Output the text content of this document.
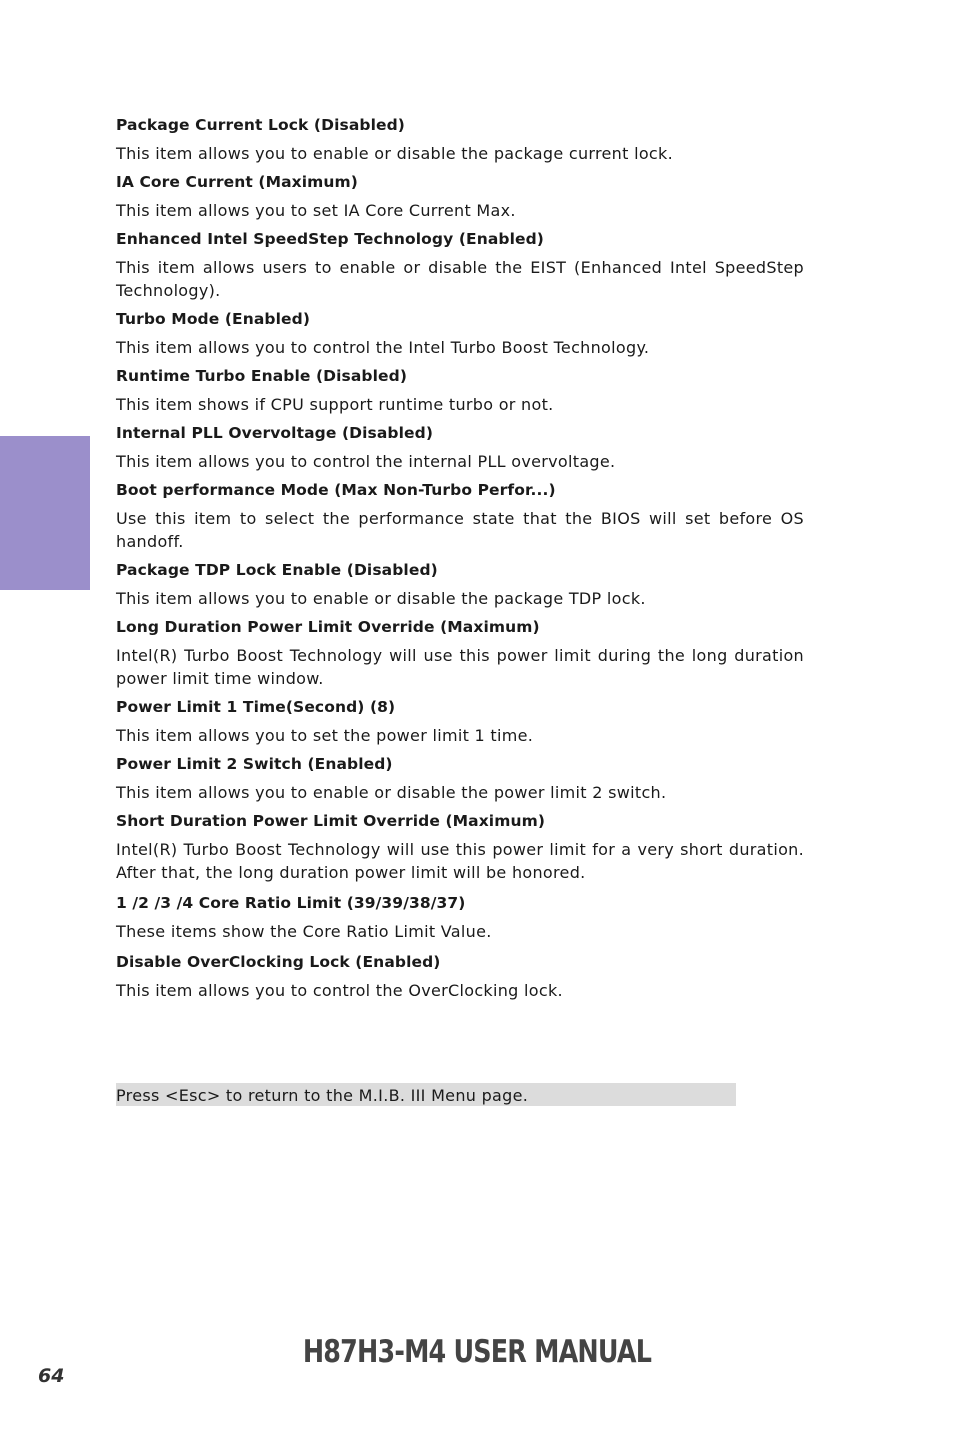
Package Current Lock (Disabled)
This item allows you to enable or disable the package current lock.
IA Core Current (Maximum)
This item allows you to set IA Core Current Max.
Enhanced Intel SpeedStep Technology (Enabled)
This item allows users to enable or disable the EIST (Enhanced Intel SpeedStep Technology).
Turbo Mode (Enabled)
This item allows you to control the Intel Turbo Boost Technology.
Runtime Turbo Enable (Disabled)
This item shows if CPU support runtime turbo or not.
Internal PLL Overvoltage (Disabled)
This item allows you to control the internal PLL overvoltage.
Boot performance Mode (Max Non-Turbo Perfor...)
Use this item to select the performance state that the BIOS will set before OS handoff.
Package TDP Lock Enable (Disabled)
This item allows you to enable or disable the package TDP lock.
Long Duration Power Limit Override (Maximum)
Intel(R) Turbo Boost Technology will use this power limit during the long duration power limit time window.
Power Limit 1 Time(Second) (8)
This item allows you to set the power limit 1 time.
Power Limit 2 Switch (Enabled)
This item allows you to enable or disable the power limit 2 switch.
Short Duration Power Limit Override (Maximum)
Intel(R) Turbo Boost Technology will use this power limit for a very short duration. After that, the long duration power limit will be honored.
1 /2 /3 /4 Core Ratio Limit (39/39/38/37)
These items show the Core Ratio Limit Value.
Disable OverClocking Lock (Enabled)
This item allows you to control the OverClocking lock.
Press <Esc> to return to the M.I.B. III Menu page.
H87H3-M4 USER MANUAL
64
